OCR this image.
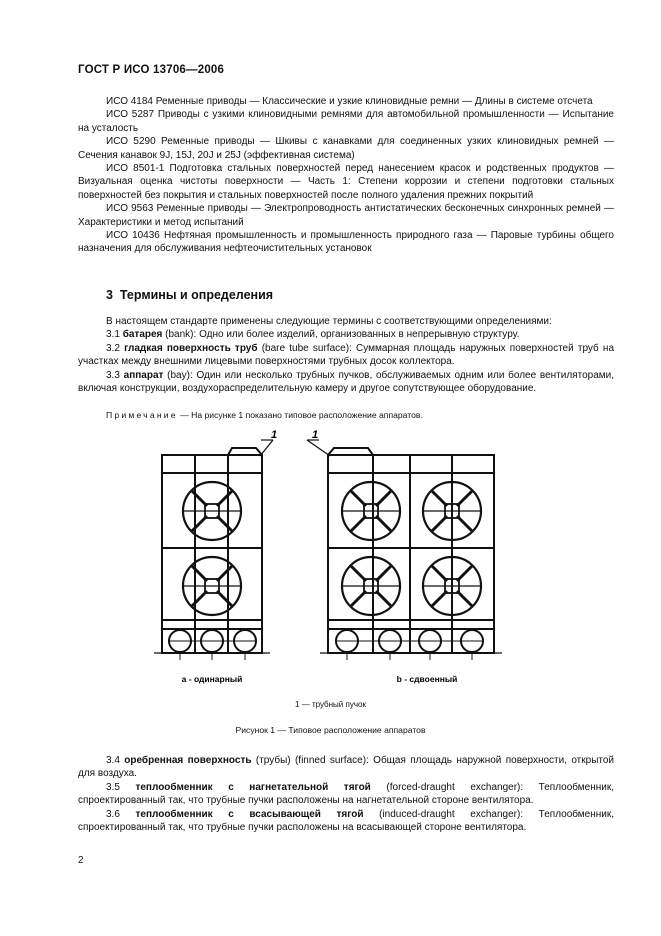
ГОСТ Р ИСО 13706—2006

ИСО 4184 Ременные приводы — Классические и узкие клиновидные ремни — Длины в системе отсчета

ИСО 5287 Приводы с узкими клиновидными ремнями для автомобильной промышленности — Испытание на усталость

ИСО 5290 Ременные приводы — Шкивы с канавками для соединенных узких клиновидных ремней — Сечения канавок 9J, 15J, 20J и 25J (эффективная система)

ИСО 8501-1 Подготовка стальных поверхностей перед нанесением красок и родственных продуктов — Визуальная оценка чистоты поверхности — Часть 1: Степени коррозии и степени подготовки стальных поверхностей без покрытия и стальных поверхностей после полного удаления прежних покрытий

ИСО 9563 Ременные приводы — Электропроводность антистатических бесконечных синхронных ремней — Характеристики и метод испытаний

ИСО 10436 Нефтяная промышленность и промышленность природного газа — Паровые турбины общего назначения для обслуживания нефтеочистительных установок

3 Термины и определения

В настоящем стандарте применены следующие термины с соответствующими определениями:

3.1 батарея (bank): Одно или более изделий, организованных в непрерывную структуру.

3.2 гладкая поверхность труб (bare tube surface): Суммарная площадь наружных поверхностей труб на участках между внешними лицевыми поверхностями трубных досок коллектора.

3.3 аппарат (bay): Один или несколько трубных пучков, обслуживаемых одним или более вентиляторами, включая конструкции, воздухораспределительную камеру и другое сопутствующее оборудование.

Примечание — На рисунке 1 показано типовое расположение аппаратов.
1	1
а - одинарный	b - сдвоенный
1 — трубный пучок
Рисунок 1 — Типовое расположение аппаратов

3.4 оребренная поверхность (трубы) (finned surface): Общая площадь наружной поверхности, открытой для воздуха.

3.5 теплообменник с нагнетательной тягой (forced-draught exchanger): Теплообменник, спроектированный так, что трубные пучки расположены на нагнетательной стороне вентилятора.

3.6 теплообменник с всасывающей тягой (induced-draught exchanger): Теплообменник, спроектированный так, что трубные пучки расположены на всасывающей стороне вентилятора.

2
